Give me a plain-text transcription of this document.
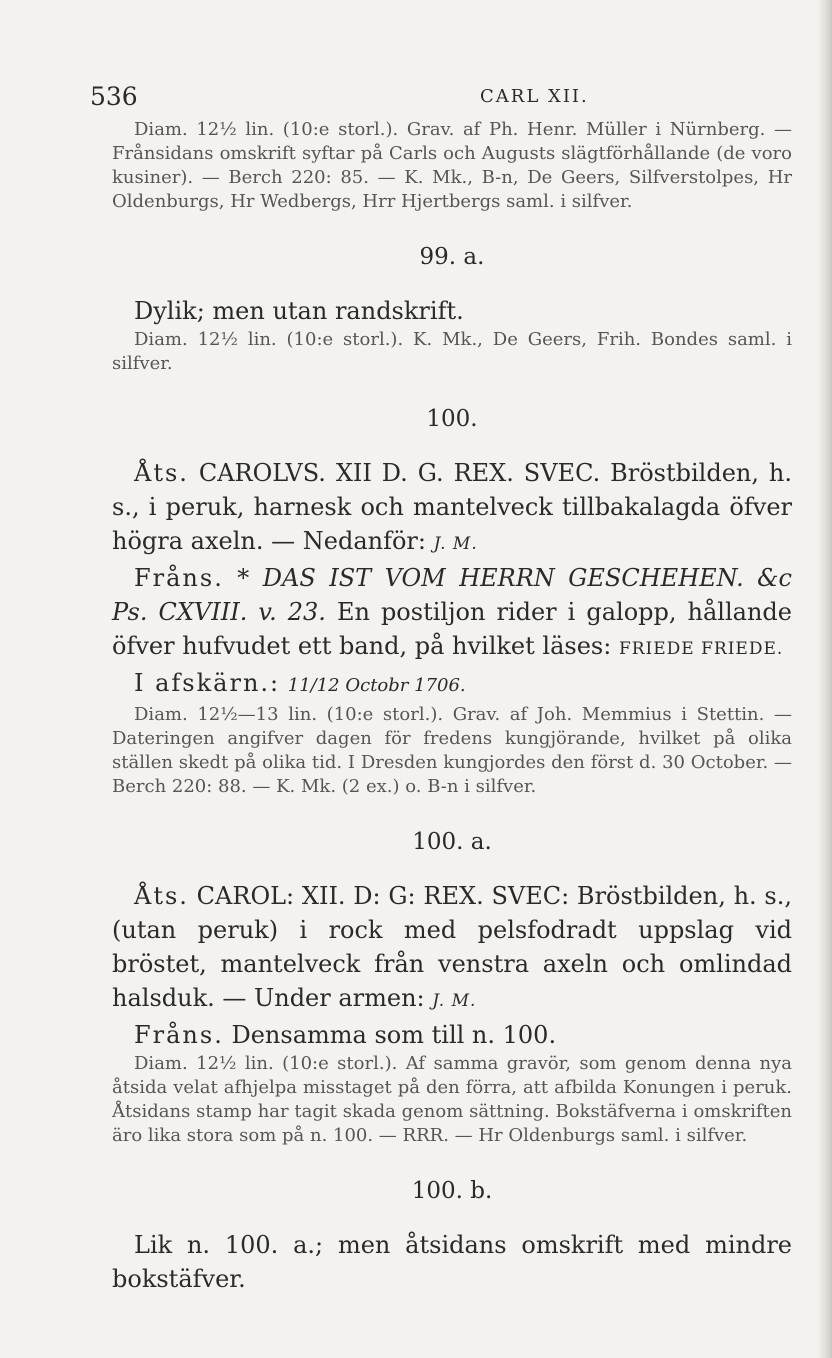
536	CARL XII.

Diam. 12½ lin. (10:e storl.). Grav. af Ph. Henr. Müller i Nürnberg. — Frånsidans omskrift syftar på Carls och Augusts slägtförhållande (de voro kusiner). — Berch 220: 85. — K. Mk., B-n, De Geers, Silfverstolpes, Hr Oldenburgs, Hr Wedbergs, Hrr Hjertbergs saml. i silfver.

99. a.

Dylik; men utan randskrift.

Diam. 12½ lin. (10:e storl.). K. Mk., De Geers, Frih. Bondes saml. i silfver.

100.

Åts. CAROLVS. XII D. G. REX. SVEC. Bröstbilden, h. s., i peruk, harnesk och mantelveck tillbakalagda öfver högra axeln. — Nedanför: J. M.

Fråns. * DAS IST VOM HERRN GESCHEHEN. &c Ps. CXVIII. v. 23. En postiljon rider i galopp, hållande öfver hufvudet ett band, på hvilket läses: FRIEDE FRIEDE.

I afskärn.: 11/12 Octobr 1706.

Diam. 12½—13 lin. (10:e storl.). Grav. af Joh. Memmius i Stettin. — Dateringen angifver dagen för fredens kungjörande, hvilket på olika ställen skedt på olika tid. I Dresden kungjordes den först d. 30 October. — Berch 220: 88. — K. Mk. (2 ex.) o. B-n i silfver.

100. a.

Åts. CAROL: XII. D: G: REX. SVEC: Bröstbilden, h. s., (utan peruk) i rock med pelsfodradt uppslag vid bröstet, mantelveck från venstra axeln och omlindad halsduk. — Under armen: J. M.

Fråns. Densamma som till n. 100.

Diam. 12½ lin. (10:e storl.). Af samma gravör, som genom denna nya åtsida velat afhjelpa misstaget på den förra, att afbilda Konungen i peruk. Åtsidans stamp har tagit skada genom sättning. Bokstäfverna i omskriften äro lika stora som på n. 100. — RRR. — Hr Oldenburgs saml. i silfver.

100. b.

Lik n. 100. a.; men åtsidans omskrift med mindre bokstäfver.
